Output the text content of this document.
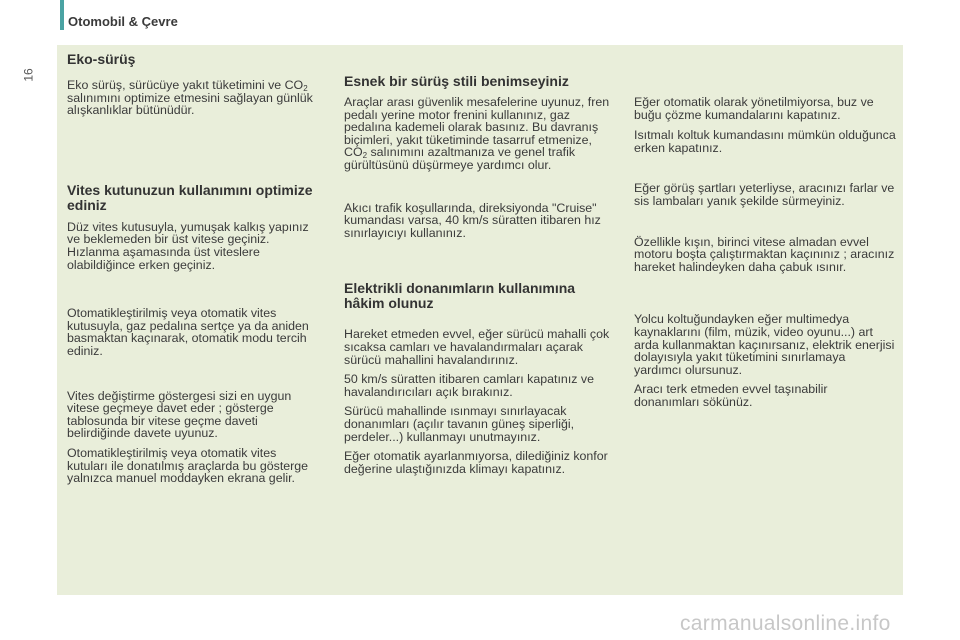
Otomobil & Çevre
16

Eko-sürüş

Eko sürüş, sürücüye yakıt tüketimini ve $CO_2$ salınımını optimize etmesini sağlayan günlük alışkanlıklar bütünüdür.

Vites kutunuzun kullanımını optimize ediniz

Düz vites kutusuyla, yumuşak kalkış yapınız ve beklemeden bir üst vitese geçiniz. Hızlanma aşamasında üst viteslere olabildiğince erken geçiniz.

Otomatikleştirilmiş veya otomatik vites kutusuyla, gaz pedalına sertçe ya da aniden basmaktan kaçınarak, otomatik modu tercih ediniz.

Vites değiştirme göstergesi sizi en uygun vitese geçmeye davet eder ; gösterge tablosunda bir vitese geçme daveti belirdiğinde davete uyunuz.

Otomatikleştirilmiş veya otomatik vites kutuları ile donatılmış araçlarda bu gösterge yalnızca manuel moddayken ekrana gelir.

Esnek bir sürüş stili benimseyiniz

Araçlar arası güvenlik mesafelerine uyunuz, fren pedalı yerine motor frenini kullanınız, gaz pedalına kademeli olarak basınız. Bu davranış biçimleri, yakıt tüketiminde tasarruf etmenize, $CO_2$ salınımını azaltmanıza ve genel trafik gürültüsünü düşürmeye yardımcı olur.

Akıcı trafik koşullarında, direksiyonda "Cruise" kumandası varsa, 40 km/s süratten itibaren hız sınırlayıcıyı kullanınız.

Elektrikli donanımların kullanımına hâkim olunuz

Hareket etmeden evvel, eğer sürücü mahalli çok sıcaksa camları ve havalandırmaları açarak sürücü mahallini havalandırınız.

50 km/s süratten itibaren camları kapatınız ve havalandırıcıları açık bırakınız.

Sürücü mahallinde ısınmayı sınırlayacak donanımları (açılır tavanın güneş siperliği, perdeler...) kullanmayı unutmayınız.

Eğer otomatik ayarlanmıyorsa, dilediğiniz konfor değerine ulaştığınızda klimayı kapatınız.

Eğer otomatik olarak yönetilmiyorsa, buz ve buğu çözme kumandalarını kapatınız.

Isıtmalı koltuk kumandasını mümkün olduğunca erken kapatınız.

Eğer görüş şartları yeterliyse, aracınızı farlar ve sis lambaları yanık şekilde sürmeyiniz.

Özellikle kışın, birinci vitese almadan evvel motoru boşta çalıştırmaktan kaçınınız ; aracınız hareket halindeyken daha çabuk ısınır.

Yolcu koltuğundayken eğer multimedya kaynaklarını (film, müzik, video oyunu...) art arda kullanmaktan kaçınırsanız, elektrik enerjisi dolayısıyla yakıt tüketimini sınırlamaya yardımcı olursunuz.

Aracı terk etmeden evvel taşınabilir donanımları sökünüz.

carmanualsonline.info
